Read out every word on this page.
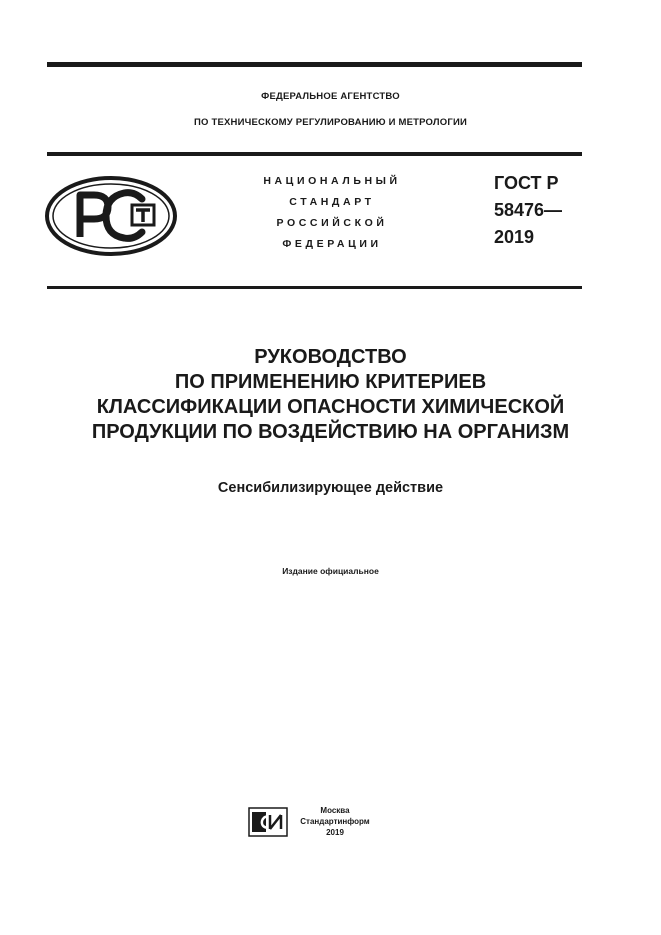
ФЕДЕРАЛЬНОЕ АГЕНТСТВО
ПО ТЕХНИЧЕСКОМУ РЕГУЛИРОВАНИЮ И МЕТРОЛОГИИ
НАЦИОНАЛЬНЫЙ
СТАНДАРТ
РОССИЙСКОЙ
ФЕДЕРАЦИИ
ГОСТ Р
58476—
2019
РУКОВОДСТВО
ПО ПРИМЕНЕНИЮ КРИТЕРИЕВ
КЛАССИФИКАЦИИ ОПАСНОСТИ ХИМИЧЕСКОЙ
ПРОДУКЦИИ ПО ВОЗДЕЙСТВИЮ НА ОРГАНИЗМ
Сенсибилизирующее действие
Издание официальное
Москва
Стандартинформ
2019
